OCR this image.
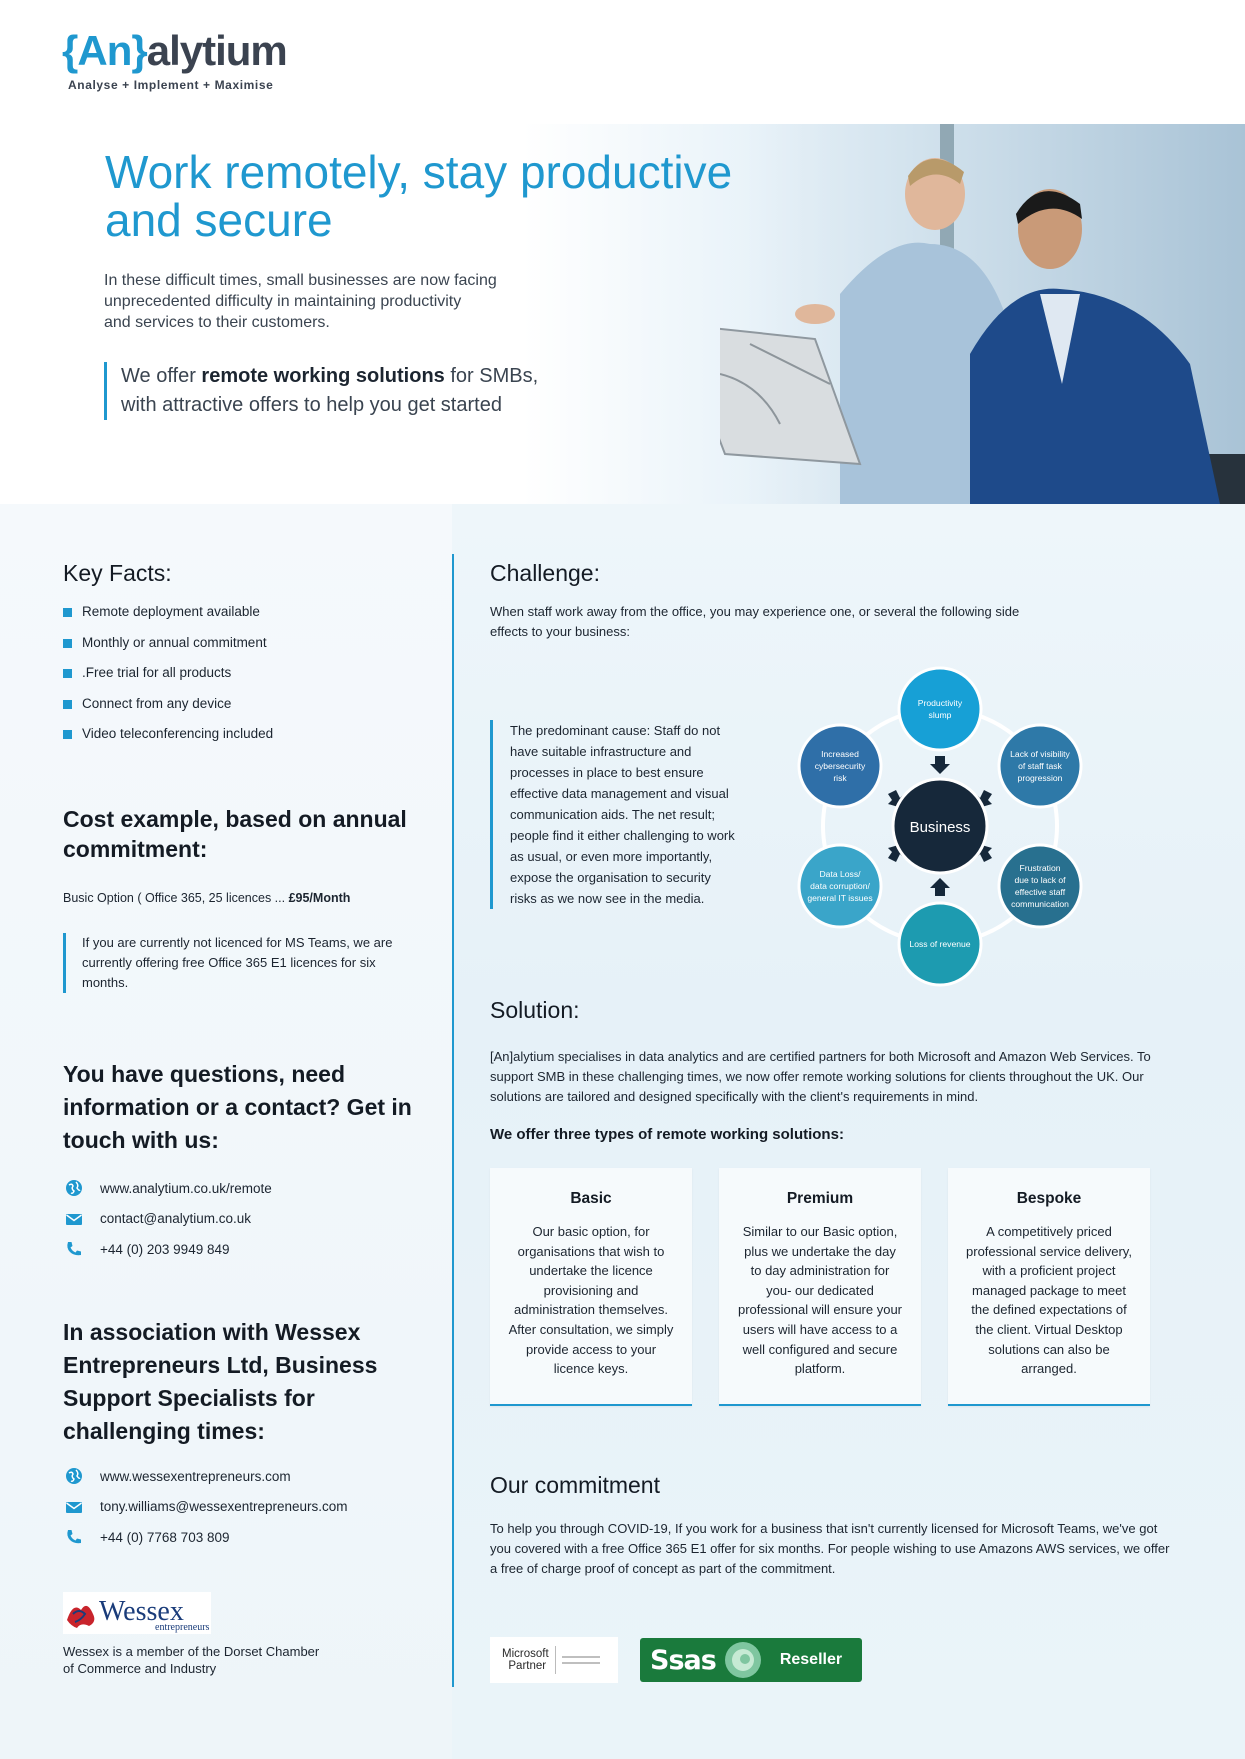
{An}alytium
Analyse + Implement + Maximise
Work remotely, stay productive
and secure

In these difficult times, small businesses are now facing
unprecedented difficulty in maintaining productivity
and services to their customers.

We offer remote working solutions for SMBs,
with attractive offers to help you get started

Key Facts:
Remote deployment available
Monthly or annual commitment
.Free trial for all products
Connect from any device
Video teleconferencing included
Cost example, based on annual commitment:

Busic Option ( Office 365, 25 licences ... £95/Month

If you are currently not licenced for MS Teams, we are currently offering free Office 365 E1 licences for six months.

You have questions, need information or a contact? Get in touch with us:
www.analytium.co.uk/remote
contact@analytium.co.uk
+44 (0) 203 9949 849
In association with Wessex Entrepreneurs Ltd, Business Support Specialists for challenging times:
www.wessexentrepreneurs.com
tony.williams@wessexentrepreneurs.com
+44 (0) 7768 703 809
Wessex
entrepreneurs

Wessex is a member of the Dorset Chamber of Commerce and Industry

Challenge:

When staff work away from the office, you may experience one, or several the following side effects to your business:

The predominant cause: Staff do not have suitable infrastructure and processes in place to best ensure effective data management and visual communication aids. The net result; people find it either challenging to work as usual, or even more importantly, expose the organisation to security risks as we now see in the media.

Business
Productivity
slump
Lack of visibility
of staff task
progression
Frustration
due to lack of
effective staff
communication
Loss of revenue
Data Loss/
data corruption/
general IT issues
Increased
cybersecurity
risk
Solution:

[An]alytium specialises in data analytics and are certified partners for both Microsoft and Amazon Web Services. To support SMB in these challenging times, we now offer remote working solutions for clients throughout the UK. Our solutions are tailored and designed specifically with the client's requirements in mind.

We offer three types of remote working solutions:

Basic
Our basic option, for organisations that wish to undertake the licence provisioning and administration themselves. After consultation, we simply provide access to your licence keys.
Premium
Similar to our Basic option, plus we undertake the day to day administration for you- our dedicated professional will ensure your users will have access to a well configured and secure platform.
Bespoke
A competitively priced professional service delivery, with a proficient project managed package to meet the defined expectations of the client. Virtual Desktop solutions can also be arranged.
Our commitment

To help you through COVID-19, If you work for a business that isn't currently licensed for Microsoft Teams, we've got you covered with a free Office 365 E1 offer for six months. For people wishing to use Amazons AWS services, we offer a free of charge proof of concept as part of the commitment.

Microsoft
Partner	Ssas	Reseller
